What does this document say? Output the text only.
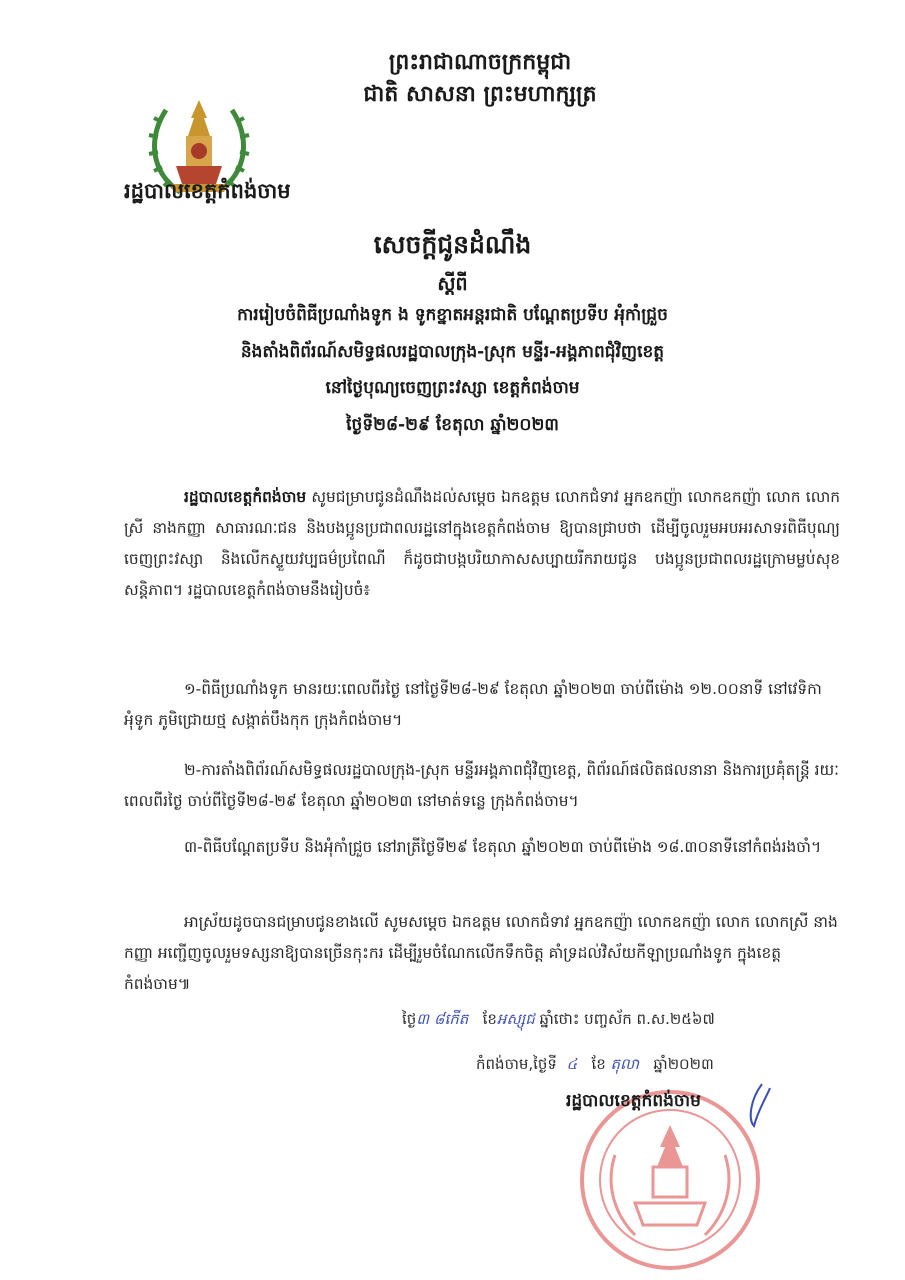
ព្រះរាជាណាចក្រកម្ពុជា
ជាតិ សាសនា ព្រះមហាក្សត្រ
រដ្ឋបាលខេត្តកំពង់ចាម
សេចក្តីជូនដំណឹង
ស្តីពី
ការរៀបចំពិធីប្រណាំងទូក ង ទូកខ្នាតអន្តរជាតិ បណ្តែតប្រទីប អុំកាំជ្រួច
និងតាំងពិព័រណ៍សមិទ្ធផលរដ្ឋបាលក្រុង-ស្រុក មន្ទីរ-អង្គភាពជុំវិញខេត្ត
នៅថ្ងៃបុណ្យចេញព្រះវស្សា ខេត្តកំពង់ចាម
ថ្ងៃទី២៨-២៩ ខែតុលា ឆ្នាំ២០២៣
រដ្ឋបាលខេត្តកំពង់ចាម សូមជម្រាបជូនដំណឹងដល់សម្តេច ឯកឧត្តម លោកជំទាវ អ្នកឧកញ៉ា លោកឧកញ៉ា លោក លោកស្រី នាងកញ្ញា សាធារណៈជន និងបងប្អូនប្រជាពលរដ្ឋនៅក្នុងខេត្តកំពង់ចាម ឱ្យបានជ្រាបថា ដើម្បីចូលរួមអបអរសាទរពិធីបុណ្យចេញព្រះវស្សា និងលើកស្ទួយវប្បធម៌ប្រពៃណី ក៏ដូចជាបង្កបរិយាកាសសប្បាយរីករាយជូន បងប្អូនប្រជាពលរដ្ឋក្រោមម្លប់សុខសន្តិភាព។ រដ្ឋបាលខេត្តកំពង់ចាមនឹងរៀបចំ៖
១-ពិធីប្រណាំងទូក មានរយៈពេលពីរថ្ងៃ នៅថ្ងៃទី២៨-២៩ ខែតុលា ឆ្នាំ២០២៣ ចាប់ពីម៉ោង ១២.០០នាទី នៅវេទិកាអុំទូក ភូមិជ្រោយថ្ម សង្កាត់បឹងកុក ក្រុងកំពង់ចាម។
២-ការតាំងពិព័រណ៍សមិទ្ធផលរដ្ឋបាលក្រុង-ស្រុក មន្ទីរអង្គភាពជុំវិញខេត្ត, ពិព័រណ៍ផលិតផលនានា និងការប្រគុំតន្រ្តី រយៈពេលពីរថ្ងៃ ចាប់ពីថ្ងៃទី២៨-២៩ ខែតុលា ឆ្នាំ២០២៣ នៅមាត់ទន្លេ ក្រុងកំពង់ចាម។
៣-ពិធីបណ្តែតប្រទីប និងអុំកាំជ្រួច នៅរាត្រីថ្ងៃទី២៩ ខែតុលា ឆ្នាំ២០២៣ ចាប់ពីម៉ោង ១៨.៣០នាទីនៅកំពង់រងចាំ។
អាស្រ័យដូចបានជម្រាបជូនខាងលើ សូមសម្តេច ឯកឧត្តម លោកជំទាវ អ្នកឧកញ៉ា លោកឧកញ៉ា លោក លោកស្រី នាងកញ្ញា អញ្ជើញចូលរួមទស្សនាឱ្យបានច្រើនកុះករ ដើម្បីរួមចំណែកលើកទឹកចិត្ត គាំទ្រដល់វិស័យកីឡាប្រណាំងទូក ក្នុងខេត្តកំពង់ចាម៕
ថ្ងៃ៣ ៨កើត ខែអស្សុជ ឆ្នាំថោះ បញ្ចស័ក ព.ស.២៥៦៧
កំពង់ចាម,ថ្ងៃទី ៤ ខែ តុលា ឆ្នាំ២០២៣
រដ្ឋបាលខេត្តកំពង់ចាម
